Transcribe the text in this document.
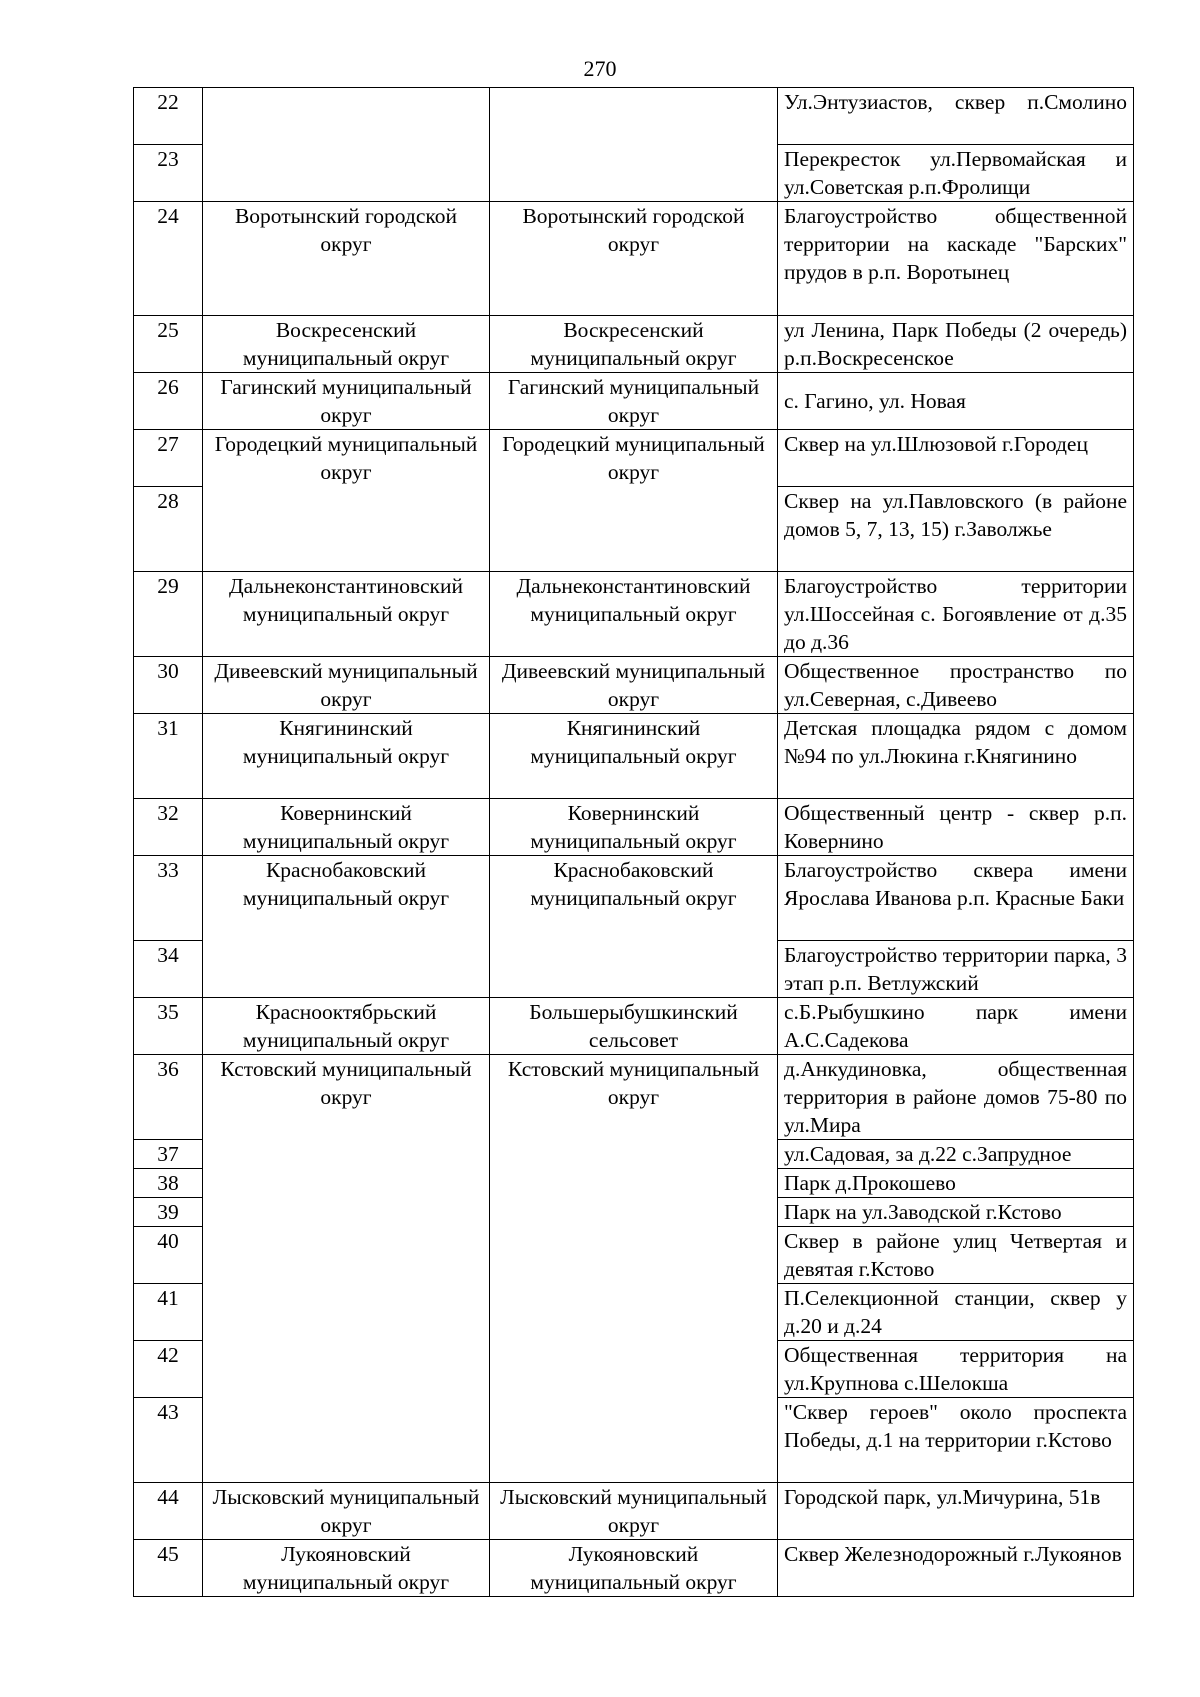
270
22			Ул.Энтузиастов, сквер п.Смолино
23			Перекресток ул.Первомайская и ул.Советская р.п.Фролищи
24	Воротынский городской округ	Воротынский городской округ	Благоустройство общественной территории на каскаде "Барских" прудов в р.п. Воротынец
25	Воскресенский муниципальный округ	Воскресенский муниципальный округ	ул Ленина, Парк Победы (2 очередь) р.п.Воскресенское
26	Гагинский муниципальный округ	Гагинский муниципальный округ	с. Гагино, ул. Новая
27	Городецкий муниципальный округ	Городецкий муниципальный округ	Сквер на ул.Шлюзовой г.Городец
28			Сквер на ул.Павловского (в районе домов 5, 7, 13, 15) г.Заволжье
29	Дальнеконстантиновский муниципальный округ	Дальнеконстантиновский муниципальный округ	Благоустройство территории ул.Шоссейная с. Богоявление от д.35 до д.36
30	Дивеевский муниципальный округ	Дивеевский муниципальный округ	Общественное пространство по ул.Северная, с.Дивеево
31	Княгининский муниципальный округ	Княгининский муниципальный округ	Детская площадка рядом с домом №94 по ул.Люкина г.Княгинино
32	Ковернинский муниципальный округ	Ковернинский муниципальный округ	Общественный центр - сквер р.п. Ковернино
33	Краснобаковский муниципальный округ	Краснобаковский муниципальный округ	Благоустройство сквера имени Ярослава Иванова р.п. Красные Баки
34			Благоустройство территории парка, 3 этап р.п. Ветлужский
35	Краснооктябрьский муниципальный округ	Большерыбушкинский сельсовет	с.Б.Рыбушкино парк имени А.С.Садекова
36	Кстовский муниципальный округ	Кстовский муниципальный округ	д.Анкудиновка, общественная территория в районе домов 75-80 по ул.Мира
37			ул.Садовая, за д.22 с.Запрудное
38			Парк д.Прокошево
39			Парк на ул.Заводской г.Кстово
40			Сквер в районе улиц Четвертая и девятая г.Кстово
41			П.Селекционной станции, сквер у д.20 и д.24
42			Общественная территория на ул.Крупнова с.Шелокша
43			"Сквер героев" около проспекта Победы, д.1 на территории г.Кстово
44	Лысковский муниципальный округ	Лысковский муниципальный округ	Городской парк, ул.Мичурина, 51в
45	Лукояновский муниципальный округ	Лукояновский муниципальный округ	Сквер Железнодорожный г.Лукоянов
